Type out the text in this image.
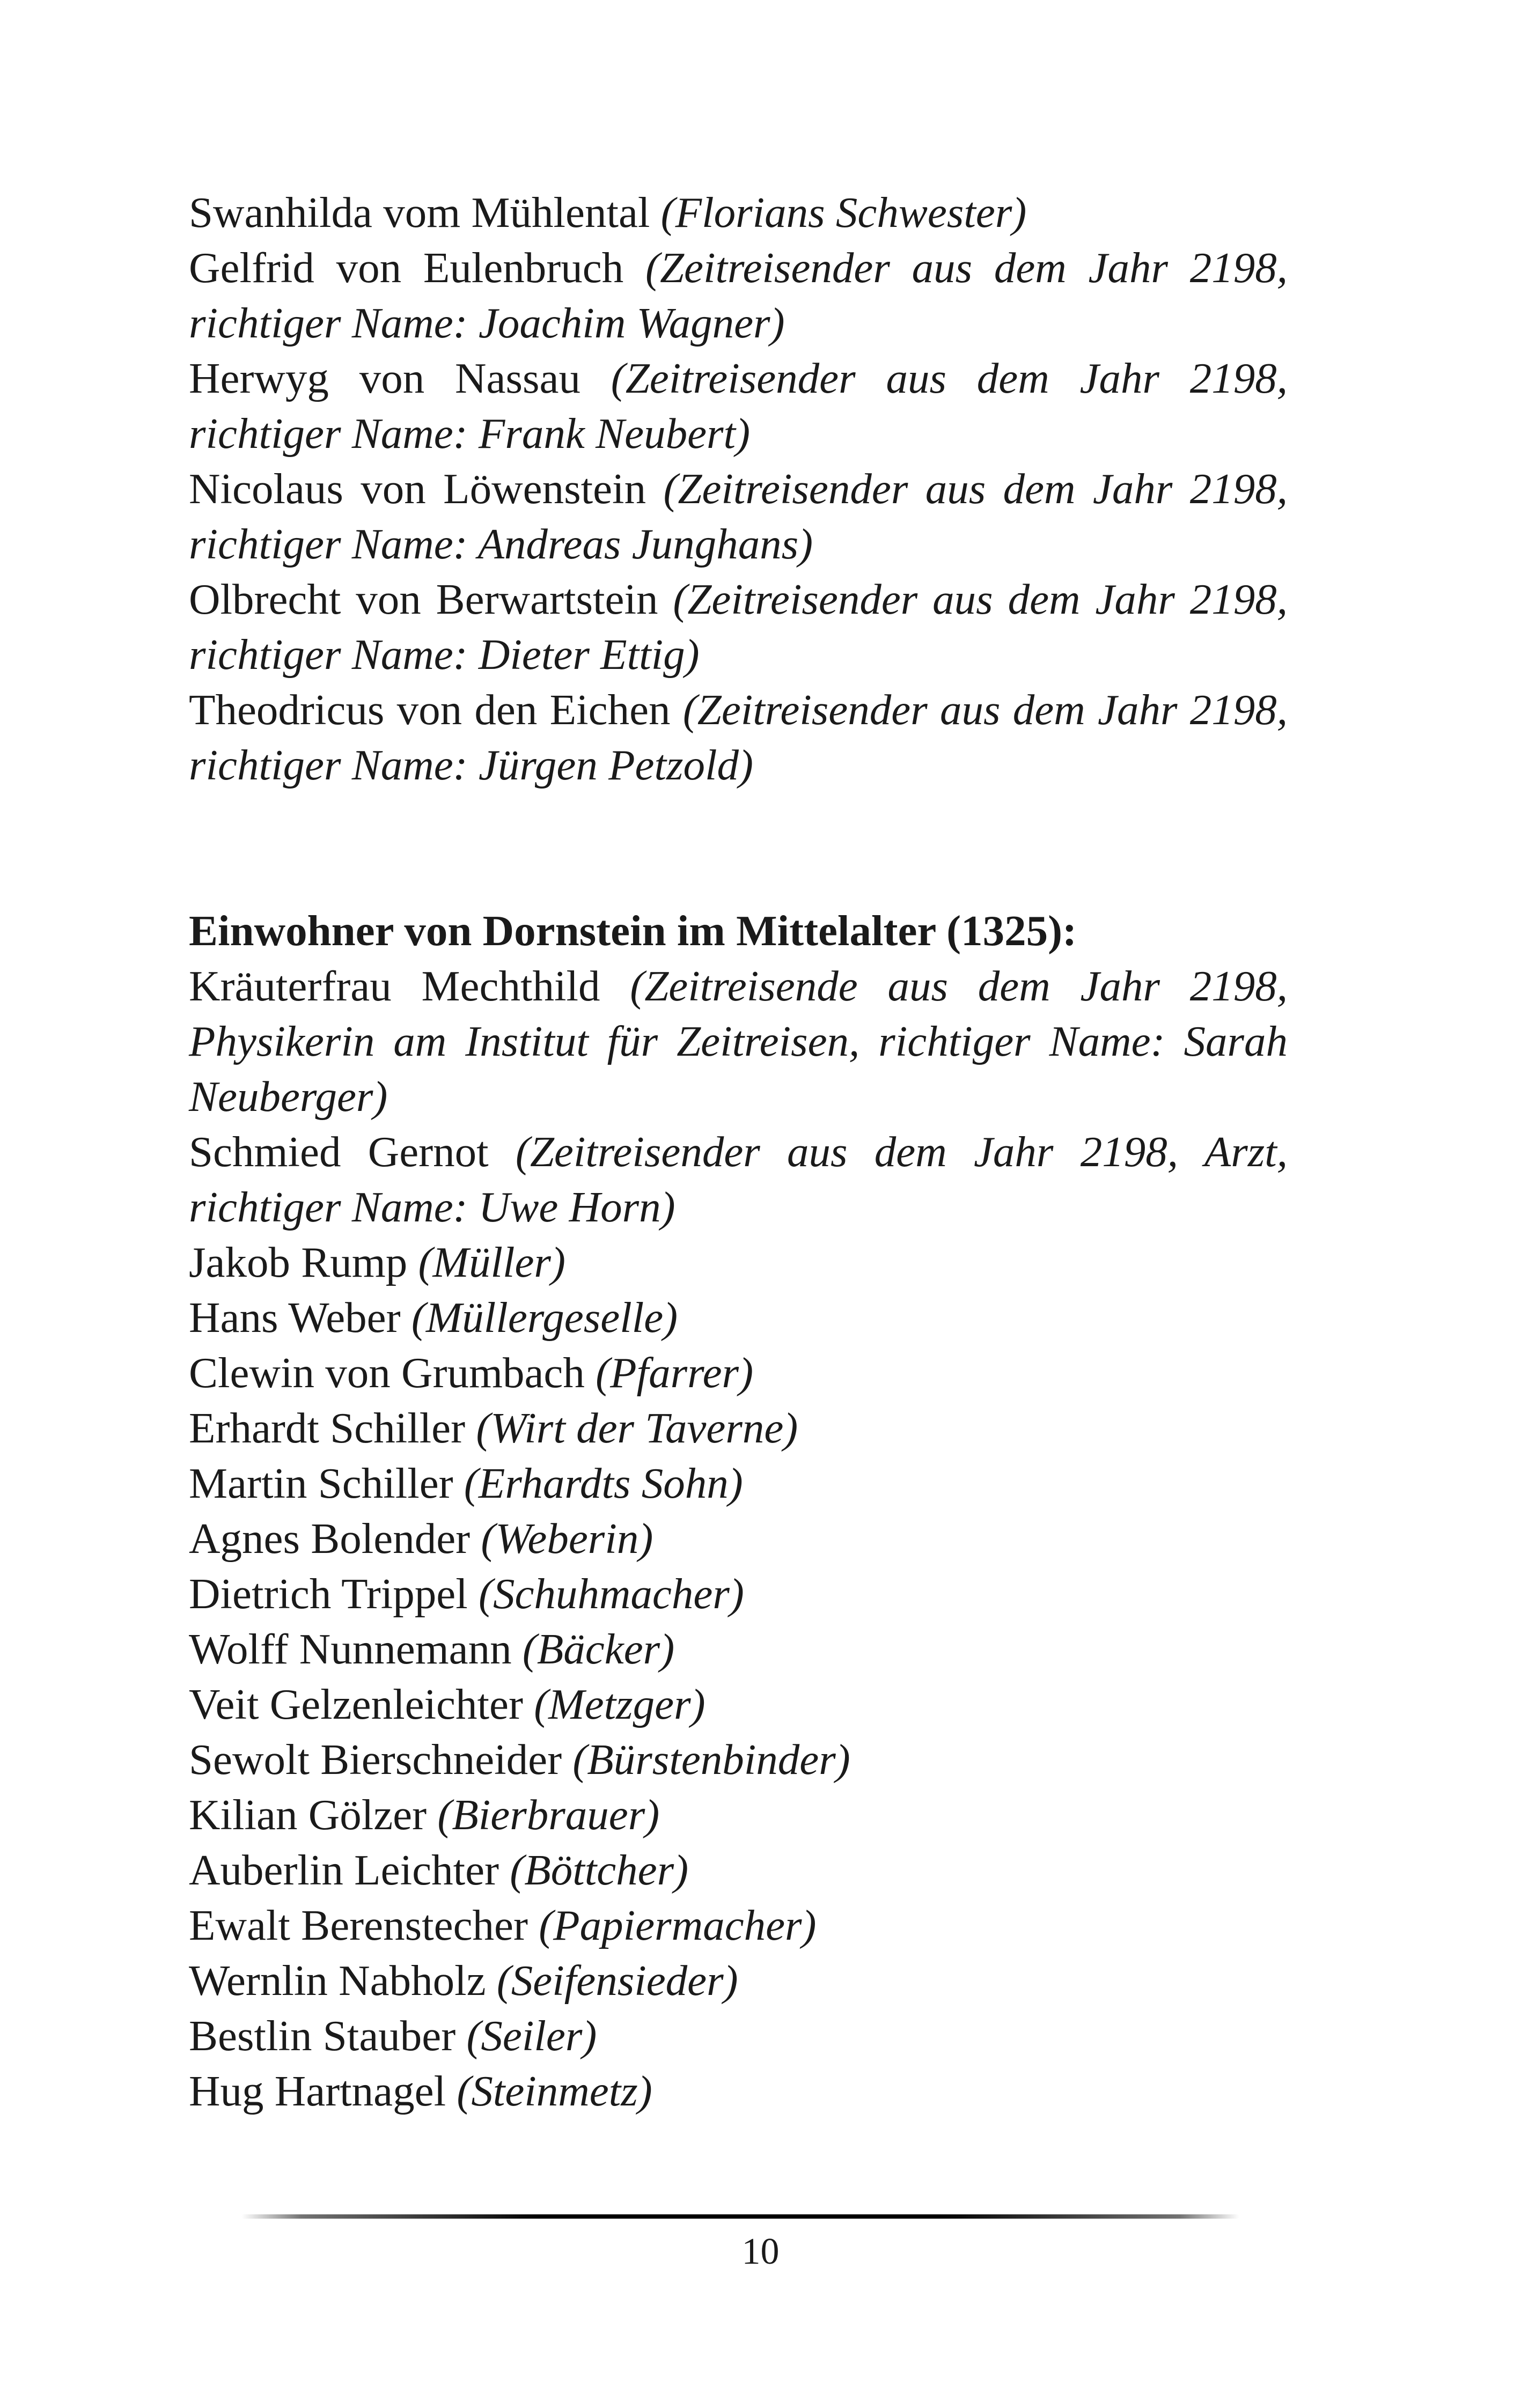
Swanhilda vom Mühlental (Florians Schwester)

Gelfrid von Eulenbruch (Zeitreisender aus dem Jahr 2198, richtiger Name: Joachim Wagner)

Herwyg von Nassau (Zeitreisender aus dem Jahr 2198, richtiger Name: Frank Neubert)

Nicolaus von Löwenstein (Zeitreisender aus dem Jahr 2198, richtiger Name: Andreas Junghans)

Olbrecht von Berwartstein (Zeitreisender aus dem Jahr 2198, richtiger Name: Dieter Ettig)

Theodricus von den Eichen (Zeitreisender aus dem Jahr 2198, richtiger Name: Jürgen Petzold)

Einwohner von Dornstein im Mittelalter (1325):

Kräuterfrau Mechthild (Zeitreisende aus dem Jahr 2198, Physikerin am Institut für Zeitreisen, richtiger Name: Sarah Neuberger)

Schmied Gernot (Zeitreisender aus dem Jahr 2198, Arzt, richtiger Name: Uwe Horn)

Jakob Rump (Müller)

Hans Weber (Müllergeselle)

Clewin von Grumbach (Pfarrer)

Erhardt Schiller (Wirt der Taverne)

Martin Schiller (Erhardts Sohn)

Agnes Bolender (Weberin)

Dietrich Trippel (Schuhmacher)

Wolff Nunnemann (Bäcker)

Veit Gelzenleichter (Metzger)

Sewolt Bierschneider (Bürstenbinder)

Kilian Gölzer (Bierbrauer)

Auberlin Leichter (Böttcher)

Ewalt Berenstecher (Papiermacher)

Wernlin Nabholz (Seifensieder)

Bestlin Stauber (Seiler)

Hug Hartnagel (Steinmetz)

10
